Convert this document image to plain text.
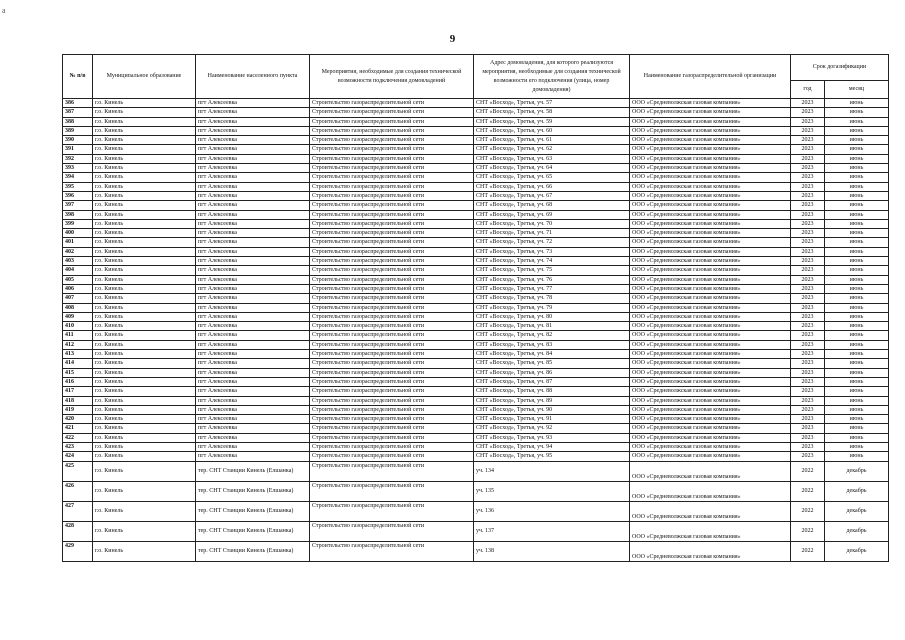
a
9
№ п/в	Муниципальное образование	Наименование населенного пункта	Мероприятия, необходимые для создания технической возможности подключения домовладений	Адрес домовладения, для которого реализуются мероприятия, необходимые для создания технической возможности его подключения (улица, номер домовладения)	Наименование газораспределительной организации	Срок догазификации	
						год	месяц
386	г.о. Кинель	пгт Алексеевка	Строительство газораспределительной сети	СНТ «Восход», Третья, уч. 57	ООО «Средневолжская газовая компания»	2023	июнь
387	г.о. Кинель	пгт Алексеевка	Строительство газораспределительной сети	СНТ «Восход», Третья, уч. 58	ООО «Средневолжская газовая компания»	2023	июнь
388	г.о. Кинель	пгт Алексеевка	Строительство газораспределительной сети	СНТ «Восход», Третья, уч. 59	ООО «Средневолжская газовая компания»	2023	июнь
389	г.о. Кинель	пгт Алексеевка	Строительство газораспределительной сети	СНТ «Восход», Третья, уч. 60	ООО «Средневолжская газовая компания»	2023	июнь
390	г.о. Кинель	пгт Алексеевка	Строительство газораспределительной сети	СНТ «Восход», Третья, уч. 61	ООО «Средневолжская газовая компания»	2023	июнь
391	г.о. Кинель	пгт Алексеевка	Строительство газораспределительной сети	СНТ «Восход», Третья, уч. 62	ООО «Средневолжская газовая компания»	2023	июнь
392	г.о. Кинель	пгт Алексеевка	Строительство газораспределительной сети	СНТ «Восход», Третья, уч. 63	ООО «Средневолжская газовая компания»	2023	июнь
393	г.о. Кинель	пгт Алексеевка	Строительство газораспределительной сети	СНТ «Восход», Третья, уч. 64	ООО «Средневолжская газовая компания»	2023	июнь
394	г.о. Кинель	пгт Алексеевка	Строительство газораспределительной сети	СНТ «Восход», Третья, уч. 65	ООО «Средневолжская газовая компания»	2023	июнь
395	г.о. Кинель	пгт Алексеевка	Строительство газораспределительной сети	СНТ «Восход», Третья, уч. 66	ООО «Средневолжская газовая компания»	2023	июнь
396	г.о. Кинель	пгт Алексеевка	Строительство газораспределительной сети	СНТ «Восход», Третья, уч. 67	ООО «Средневолжская газовая компания»	2023	июнь
397	г.о. Кинель	пгт Алексеевка	Строительство газораспределительной сети	СНТ «Восход», Третья, уч. 68	ООО «Средневолжская газовая компания»	2023	июнь
398	г.о. Кинель	пгт Алексеевка	Строительство газораспределительной сети	СНТ «Восход», Третья, уч. 69	ООО «Средневолжская газовая компания»	2023	июнь
399	г.о. Кинель	пгт Алексеевка	Строительство газораспределительной сети	СНТ «Восход», Третья, уч. 70	ООО «Средневолжская газовая компания»	2023	июнь
400	г.о. Кинель	пгт Алексеевка	Строительство газораспределительной сети	СНТ «Восход», Третья, уч. 71	ООО «Средневолжская газовая компания»	2023	июнь
401	г.о. Кинель	пгт Алексеевка	Строительство газораспределительной сети	СНТ «Восход», Третья, уч. 72	ООО «Средневолжская газовая компания»	2023	июнь
402	г.о. Кинель	пгт Алексеевка	Строительство газораспределительной сети	СНТ «Восход», Третья, уч. 73	ООО «Средневолжская газовая компания»	2023	июнь
403	г.о. Кинель	пгт Алексеевка	Строительство газораспределительной сети	СНТ «Восход», Третья, уч. 74	ООО «Средневолжская газовая компания»	2023	июнь
404	г.о. Кинель	пгт Алексеевка	Строительство газораспределительной сети	СНТ «Восход», Третья, уч. 75	ООО «Средневолжская газовая компания»	2023	июнь
405	г.о. Кинель	пгт Алексеевка	Строительство газораспределительной сети	СНТ «Восход», Третья, уч. 76	ООО «Средневолжская газовая компания»	2023	июнь
406	г.о. Кинель	пгт Алексеевка	Строительство газораспределительной сети	СНТ «Восход», Третья, уч. 77	ООО «Средневолжская газовая компания»	2023	июнь
407	г.о. Кинель	пгт Алексеевка	Строительство газораспределительной сети	СНТ «Восход», Третья, уч. 78	ООО «Средневолжская газовая компания»	2023	июнь
408	г.о. Кинель	пгт Алексеевка	Строительство газораспределительной сети	СНТ «Восход», Третья, уч. 79	ООО «Средневолжская газовая компания»	2023	июнь
409	г.о. Кинель	пгт Алексеевка	Строительство газораспределительной сети	СНТ «Восход», Третья, уч. 80	ООО «Средневолжская газовая компания»	2023	июнь
410	г.о. Кинель	пгт Алексеевка	Строительство газораспределительной сети	СНТ «Восход», Третья, уч. 81	ООО «Средневолжская газовая компания»	2023	июнь
411	г.о. Кинель	пгт Алексеевка	Строительство газораспределительной сети	СНТ «Восход», Третья, уч. 82	ООО «Средневолжская газовая компания»	2023	июнь
412	г.о. Кинель	пгт Алексеевка	Строительство газораспределительной сети	СНТ «Восход», Третья, уч. 83	ООО «Средневолжская газовая компания»	2023	июнь
413	г.о. Кинель	пгт Алексеевка	Строительство газораспределительной сети	СНТ «Восход», Третья, уч. 84	ООО «Средневолжская газовая компания»	2023	июнь
414	г.о. Кинель	пгт Алексеевка	Строительство газораспределительной сети	СНТ «Восход», Третья, уч. 85	ООО «Средневолжская газовая компания»	2023	июнь
415	г.о. Кинель	пгт Алексеевка	Строительство газораспределительной сети	СНТ «Восход», Третья, уч. 86	ООО «Средневолжская газовая компания»	2023	июнь
416	г.о. Кинель	пгт Алексеевка	Строительство газораспределительной сети	СНТ «Восход», Третья, уч. 87	ООО «Средневолжская газовая компания»	2023	июнь
417	г.о. Кинель	пгт Алексеевка	Строительство газораспределительной сети	СНТ «Восход», Третья, уч. 88	ООО «Средневолжская газовая компания»	2023	июнь
418	г.о. Кинель	пгт Алексеевка	Строительство газораспределительной сети	СНТ «Восход», Третья, уч. 89	ООО «Средневолжская газовая компания»	2023	июнь
419	г.о. Кинель	пгт Алексеевка	Строительство газораспределительной сети	СНТ «Восход», Третья, уч. 90	ООО «Средневолжская газовая компания»	2023	июнь
420	г.о. Кинель	пгт Алексеевка	Строительство газораспределительной сети	СНТ «Восход», Третья, уч. 91	ООО «Средневолжская газовая компания»	2023	июнь
421	г.о. Кинель	пгт Алексеевка	Строительство газораспределительной сети	СНТ «Восход», Третья, уч. 92	ООО «Средневолжская газовая компания»	2023	июнь
422	г.о. Кинель	пгт Алексеевка	Строительство газораспределительной сети	СНТ «Восход», Третья, уч. 93	ООО «Средневолжская газовая компания»	2023	июнь
423	г.о. Кинель	пгт Алексеевка	Строительство газораспределительной сети	СНТ «Восход», Третья, уч. 94	ООО «Средневолжская газовая компания»	2023	июнь
424	г.о. Кинель	пгт Алексеевка	Строительство газораспределительной сети	СНТ «Восход», Третья, уч. 95	ООО «Средневолжская газовая компания»	2023	июнь
425	г.о. Кинель	тер. СНТ Станции Кинель (Елшанка)	Строительство газораспределительной сети	уч. 134	ООО «Средневолжская газовая компания»	2022	декабрь
426	г.о. Кинель	тер. СНТ Станции Кинель (Елшанка)	Строительство газораспределительной сети	уч. 135	ООО «Средневолжская газовая компания»	2022	декабрь
427	г.о. Кинель	тер. СНТ Станции Кинель (Елшанка)	Строительство газораспределительной сети	уч. 136	ООО «Средневолжская газовая компания»	2022	декабрь
428	г.о. Кинель	тер. СНТ Станции Кинель (Елшанка)	Строительство газораспределительной сети	уч. 137	ООО «Средневолжская газовая компания»	2022	декабрь
429	г.о. Кинель	тер. СНТ Станции Кинель (Елшанка)	Строительство газораспределительной сети	уч. 138	ООО «Средневолжская газовая компания»	2022	декабрь
